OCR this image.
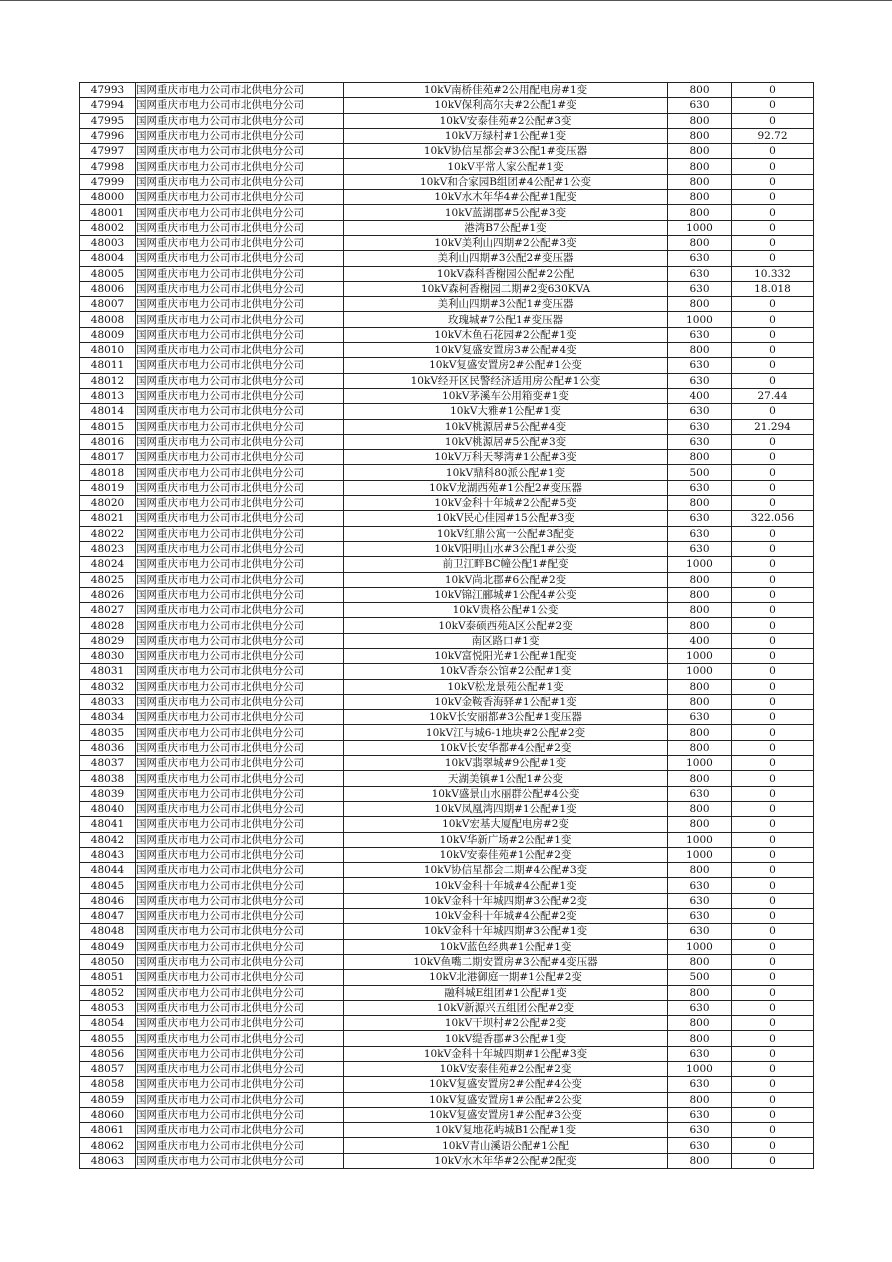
47993	国网重庆市电力公司市北供电分公司	10kV南桥佳苑#2公用配电房#1变	800	0
47994	国网重庆市电力公司市北供电分公司	10kV保利高尔夫#2公配1#变	630	0
47995	国网重庆市电力公司市北供电分公司	10kV安泰佳苑#2公配#3变	800	0
47996	国网重庆市电力公司市北供电分公司	10kV万绿村#1公配#1变	800	92.72
47997	国网重庆市电力公司市北供电分公司	10kV协信星都会#3公配1#变压器	800	0
47998	国网重庆市电力公司市北供电分公司	10kV平常人家公配#1变	800	0
47999	国网重庆市电力公司市北供电分公司	10kV和合家园B组团#4公配#1公变	800	0
48000	国网重庆市电力公司市北供电分公司	10kV水木年华4#公配#1配变	800	0
48001	国网重庆市电力公司市北供电分公司	10kV蓝湖郡#5公配#3变	800	0
48002	国网重庆市电力公司市北供电分公司	港湾B7公配#1变	1000	0
48003	国网重庆市电力公司市北供电分公司	10kV美利山四期#2公配#3变	800	0
48004	国网重庆市电力公司市北供电分公司	美利山四期#3公配2#变压器	630	0
48005	国网重庆市电力公司市北供电分公司	10kV森科香榭园公配#2公配	630	10.332
48006	国网重庆市电力公司市北供电分公司	10kV森柯香榭园二期#2变630KVA	630	18.018
48007	国网重庆市电力公司市北供电分公司	美利山四期#3公配1#变压器	800	0
48008	国网重庆市电力公司市北供电分公司	玫瑰城#7公配1#变压器	1000	0
48009	国网重庆市电力公司市北供电分公司	10kV木鱼石花园#2公配#1变	630	0
48010	国网重庆市电力公司市北供电分公司	10kV复盛安置房3#公配#4变	800	0
48011	国网重庆市电力公司市北供电分公司	10kV复盛安置房2#公配#1公变	630	0
48012	国网重庆市电力公司市北供电分公司	10kV经开区民警经济适用房公配#1公变	630	0
48013	国网重庆市电力公司市北供电分公司	10kV茅溪车公用箱变#1变	400	27.44
48014	国网重庆市电力公司市北供电分公司	10kV大雅#1公配#1变	630	0
48015	国网重庆市电力公司市北供电分公司	10kV桃源居#5公配#4变	630	21.294
48016	国网重庆市电力公司市北供电分公司	10kV桃源居#5公配#3变	630	0
48017	国网重庆市电力公司市北供电分公司	10kV万科天琴湾#1公配#3变	800	0
48018	国网重庆市电力公司市北供电分公司	10kV鼎科80派公配#1变	500	0
48019	国网重庆市电力公司市北供电分公司	10kV龙湖西苑#1公配2#变压器	630	0
48020	国网重庆市电力公司市北供电分公司	10kV金科十年城#2公配#5变	800	0
48021	国网重庆市电力公司市北供电分公司	10kV民心佳园#15公配#3变	630	322.056
48022	国网重庆市电力公司市北供电分公司	10kV红鼎公寓一公配#3配变	630	0
48023	国网重庆市电力公司市北供电分公司	10kV阳明山水#3公配1#公变	630	0
48024	国网重庆市电力公司市北供电分公司	前卫江畔BC幢公配1#配变	1000	0
48025	国网重庆市电力公司市北供电分公司	10kV尚北郡#6公配#2变	800	0
48026	国网重庆市电力公司市北供电分公司	10kV锦江郦城#1公配4#公变	800	0
48027	国网重庆市电力公司市北供电分公司	10kV贵格公配#1公变	800	0
48028	国网重庆市电力公司市北供电分公司	10kV泰硕西苑A区公配#2变	800	0
48029	国网重庆市电力公司市北供电分公司	南区路口#1变	400	0
48030	国网重庆市电力公司市北供电分公司	10kV富悦阳光#1公配#1配变	1000	0
48031	国网重庆市电力公司市北供电分公司	10kV香奈公馆#2公配#1变	1000	0
48032	国网重庆市电力公司市北供电分公司	10kV松龙景苑公配#1变	800	0
48033	国网重庆市电力公司市北供电分公司	10kV金鞍香海驿#1公配#1变	800	0
48034	国网重庆市电力公司市北供电分公司	10kV长安丽都#3公配#1变压器	630	0
48035	国网重庆市电力公司市北供电分公司	10kV江与城6-1地块#2公配#2变	800	0
48036	国网重庆市电力公司市北供电分公司	10kV长安华都#4公配#2变	800	0
48037	国网重庆市电力公司市北供电分公司	10kV翡翠城#9公配#1变	1000	0
48038	国网重庆市电力公司市北供电分公司	天湖美镇#1公配1#公变	800	0
48039	国网重庆市电力公司市北供电分公司	10kV盛景山水丽群公配#4公变	630	0
48040	国网重庆市电力公司市北供电分公司	10kV凤凰湾四期#1公配#1变	800	0
48041	国网重庆市电力公司市北供电分公司	10kV宏基大厦配电房#2变	800	0
48042	国网重庆市电力公司市北供电分公司	10kV华新广场#2公配#1变	1000	0
48043	国网重庆市电力公司市北供电分公司	10kV安泰佳苑#1公配#2变	1000	0
48044	国网重庆市电力公司市北供电分公司	10kV协信星都会二期#4公配#3变	800	0
48045	国网重庆市电力公司市北供电分公司	10kV金科十年城#4公配#1变	630	0
48046	国网重庆市电力公司市北供电分公司	10kV金科十年城四期#3公配#2变	630	0
48047	国网重庆市电力公司市北供电分公司	10kV金科十年城#4公配#2变	630	0
48048	国网重庆市电力公司市北供电分公司	10kV金科十年城四期#3公配#1变	630	0
48049	国网重庆市电力公司市北供电分公司	10kV蓝色经典#1公配#1变	1000	0
48050	国网重庆市电力公司市北供电分公司	10kV鱼嘴二期安置房#3公配#4变压器	800	0
48051	国网重庆市电力公司市北供电分公司	10kV北港御庭一期#1公配#2变	500	0
48052	国网重庆市电力公司市北供电分公司	融科城E组团#1公配#1变	800	0
48053	国网重庆市电力公司市北供电分公司	10kV新源兴五组团公配#2变	630	0
48054	国网重庆市电力公司市北供电分公司	10kV干坝村#2公配#2变	800	0
48055	国网重庆市电力公司市北供电分公司	10kV缇香郡#3公配#1变	800	0
48056	国网重庆市电力公司市北供电分公司	10kV金科十年城四期#1公配#3变	630	0
48057	国网重庆市电力公司市北供电分公司	10kV安泰佳苑#2公配#2变	1000	0
48058	国网重庆市电力公司市北供电分公司	10kV复盛安置房2#公配#4公变	630	0
48059	国网重庆市电力公司市北供电分公司	10kV复盛安置房1#公配#2公变	800	0
48060	国网重庆市电力公司市北供电分公司	10kV复盛安置房1#公配#3公变	630	0
48061	国网重庆市电力公司市北供电分公司	10kV复地花屿城B1公配#1变	630	0
48062	国网重庆市电力公司市北供电分公司	10kV青山溪语公配#1公配	630	0
48063	国网重庆市电力公司市北供电分公司	10kV水木年华#2公配#2配变	800	0
